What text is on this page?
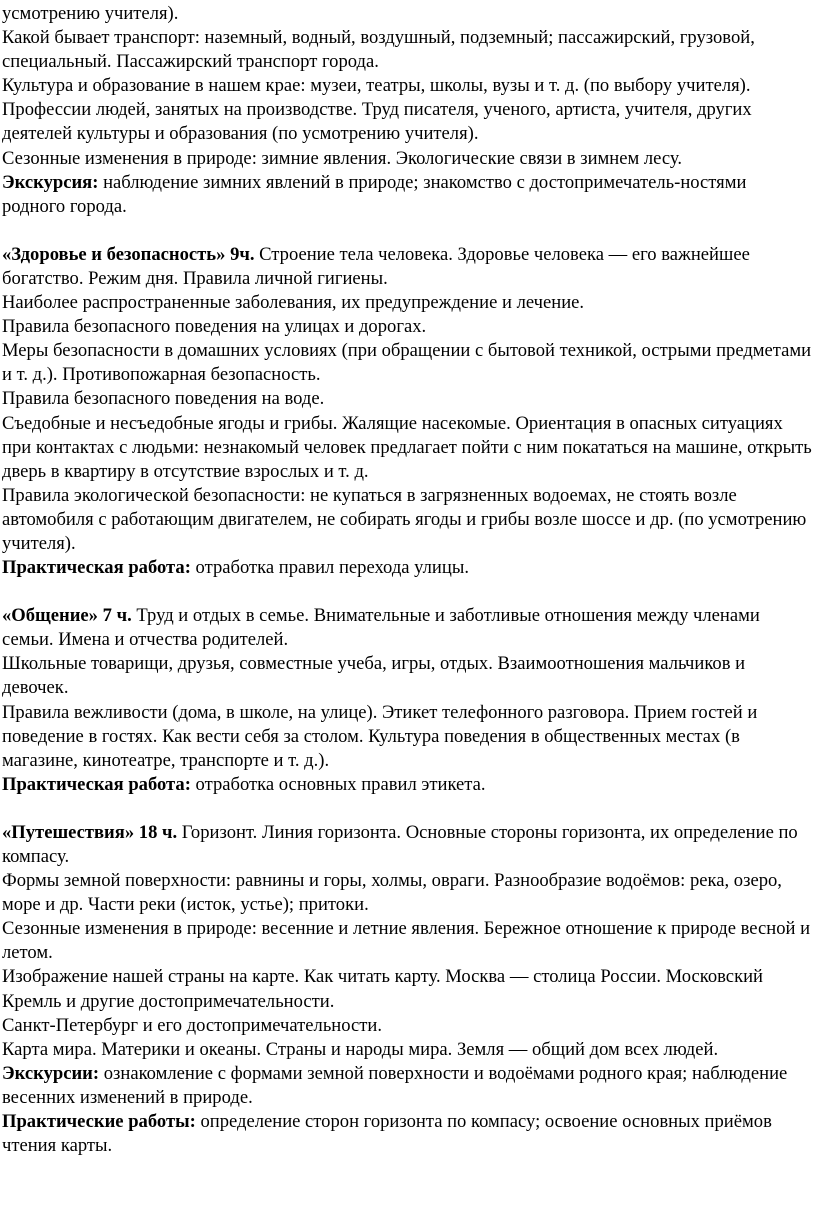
усмотрению учителя).

Какой бывает транспорт: наземный, водный, воздушный, подземный; пассажирский, грузовой, специальный. Пассажирский транспорт города.

Культура и образование в нашем крае: музеи, театры, школы, вузы и т. д. (по выбору учителя).

Профессии людей, занятых на производстве. Труд писателя, ученого, артиста, учителя, других деятелей культуры и образования (по усмотрению учителя).

Сезонные изменения в природе: зимние явления. Экологические связи в зимнем лесу.

Экскурсия: наблюдение зимних явлений в природе; знакомство с достопримечатель-ностями родного города.

«Здоровье и безопасность» 9ч. Строение тела человека. Здоровье человека — его важнейшее богатство. Режим дня. Правила личной гигиены.

Наиболее распространенные заболевания, их предупреждение и лечение.

Правила безопасного поведения на улицах и дорогах.

Меры безопасности в домашних условиях (при обращении с бытовой техникой, острыми предметами и т. д.). Противопожарная безопасность.

Правила безопасного поведения на воде.

Съедобные и несъедобные ягоды и грибы. Жалящие насекомые. Ориентация в опасных ситуациях при контактах с людьми: незнакомый человек предлагает пойти с ним покататься на машине, открыть дверь в квартиру в отсутствие взрослых и т. д.

Правила экологической безопасности: не купаться в загрязненных водоемах, не стоять возле автомобиля с работающим двигателем, не собирать ягоды и грибы возле шоссе и др. (по усмотрению учителя).

Практическая работа: отработка правил перехода улицы.

«Общение» 7 ч. Труд и отдых в семье. Внимательные и заботливые отношения между членами семьи. Имена и отчества родителей.

Школьные товарищи, друзья, совместные учеба, игры, отдых. Взаимоотношения мальчиков и девочек.

Правила вежливости (дома, в школе, на улице). Этикет телефонного разговора. Прием гостей и поведение в гостях. Как вести себя за столом. Культура поведения в общественных местах (в магазине, кинотеатре, транспорте и т. д.).

Практическая работа: отработка основных правил этикета.

«Путешествия» 18 ч. Горизонт. Линия горизонта. Основные стороны горизонта, их определение по компасу.

Формы земной поверхности: равнины и горы, холмы, овраги. Разнообразие водоёмов: река, озеро, море и др. Части реки (исток, устье); притоки.

Сезонные изменения в природе: весенние и летние явления. Бережное отношение к природе весной и летом.

Изображение нашей страны на карте. Как читать карту. Москва — столица России. Московский Кремль и другие достопримечательности.

Санкт-Петербург и его достопримечательности.

Карта мира. Материки и океаны. Страны и народы мира. Земля — общий дом всех людей.

Экскурсии: ознакомление с формами земной поверхности и водоёмами родного края; наблюдение весенних изменений в природе.

Практические работы: определение сторон горизонта по компасу; освоение основных приёмов чтения карты.
